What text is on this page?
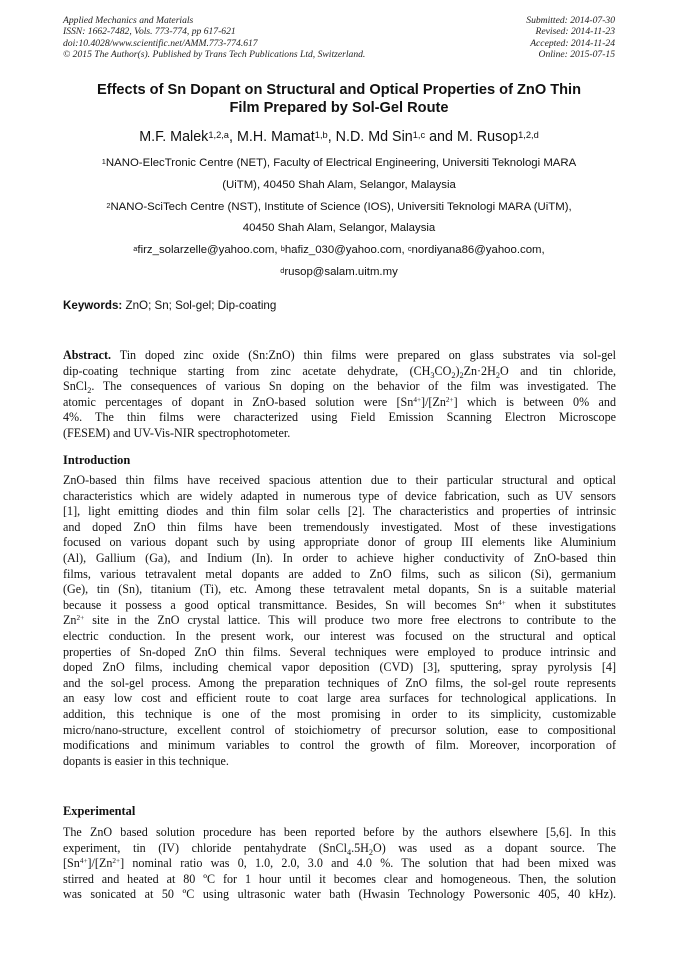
Applied Mechanics and Materials
ISSN: 1662-7482, Vols. 773-774, pp 617-621
doi:10.4028/www.scientific.net/AMM.773-774.617
© 2015 The Author(s). Published by Trans Tech Publications Ltd, Switzerland.
Submitted: 2014-07-30
Revised: 2014-11-23
Accepted: 2014-11-24
Online: 2015-07-15
Effects of Sn Dopant on Structural and Optical Properties of ZnO Thin
Film Prepared by Sol-Gel Route
M.F. Malek$^{1,2,a}$, M.H. Mamat$^{1,b}$, N.D. Md Sin$^{1,c}$ and M. Rusop$^{1,2,d}$
$^1$NANO-ElecTronic Centre (NET), Faculty of Electrical Engineering, Universiti Teknologi MARA
(UiTM), 40450 Shah Alam, Selangor, Malaysia
$^2$NANO-SciTech Centre (NST), Institute of Science (IOS), Universiti Teknologi MARA (UiTM),
40450 Shah Alam, Selangor, Malaysia
$^a$firz_solarzelle@yahoo.com, $^b$hafiz_030@yahoo.com, $^c$nordiyana86@yahoo.com,
$^d$rusop@salam.uitm.my
Keywords: ZnO; Sn; Sol-gel; Dip-coating
Abstract. Tin doped zinc oxide (Sn:ZnO) thin films were prepared on glass substrates via sol-gel
dip-coating technique starting from zinc acetate dehydrate, $(CH_3CO_2)_2Zn\cdot 2H_2O$ and tin chloride,
SnCl$_2$. The consequences of various Sn doping on the behavior of the film was investigated. The
atomic percentages of dopant in ZnO-based solution were $[Sn^{4+}]/[Zn^{2+}]$ which is between 0% and
4%. The thin films were characterized using Field Emission Scanning Electron Microscope
(FESEM) and UV-Vis-NIR spectrophotometer.
Introduction
ZnO-based thin films have received spacious attention due to their particular structural and optical
characteristics which are widely adapted in numerous type of device fabrication, such as UV sensors
[1], light emitting diodes and thin film solar cells [2]. The characteristics and properties of intrinsic
and doped ZnO thin films have been tremendously investigated. Most of these investigations
focused on various dopant such by using appropriate donor of group III elements like Aluminium
(Al), Gallium (Ga), and Indium (In). In order to achieve higher conductivity of ZnO-based thin
films, various tetravalent metal dopants are added to ZnO films, such as silicon (Si), germanium
(Ge), tin (Sn), titanium (Ti), etc. Among these tetravalent metal dopants, Sn is a suitable material
because it possess a good optical transmittance. Besides, Sn will becomes $Sn^{4+}$ when it substitutes
$Zn^{2+}$ site in the ZnO crystal lattice. This will produce two more free electrons to contribute to the
electric conduction. In the present work, our interest was focused on the structural and optical
properties of Sn-doped ZnO thin films. Several techniques were employed to produce intrinsic and
doped ZnO films, including chemical vapor deposition (CVD) [3], sputtering, spray pyrolysis [4]
and the sol-gel process. Among the preparation techniques of ZnO films, the sol-gel route represents
an easy low cost and efficient route to coat large area surfaces for technological applications. In
addition, this technique is one of the most promising in order to its simplicity, customizable
micro/nano-structure, excellent control of stoichiometry of precursor solution, ease to compositional
modifications and minimum variables to control the growth of film. Moreover, incorporation of
dopants is easier in this technique.
Experimental
The ZnO based solution procedure has been reported before by the authors elsewhere [5,6]. In this
experiment, tin (IV) chloride pentahydrate $(SnCl_4.5H_2O)$ was used as a dopant source. The
$[Sn^{4+}]/[Zn^{2+}]$ nominal ratio was 0, 1.0, 2.0, 3.0 and 4.0 %. The solution that had been mixed was
stirred and heated at 80 ºC for 1 hour until it becomes clear and homogeneous. Then, the solution
was sonicated at 50 ºC using ultrasonic water bath (Hwasin Technology Powersonic 405, 40 kHz).
